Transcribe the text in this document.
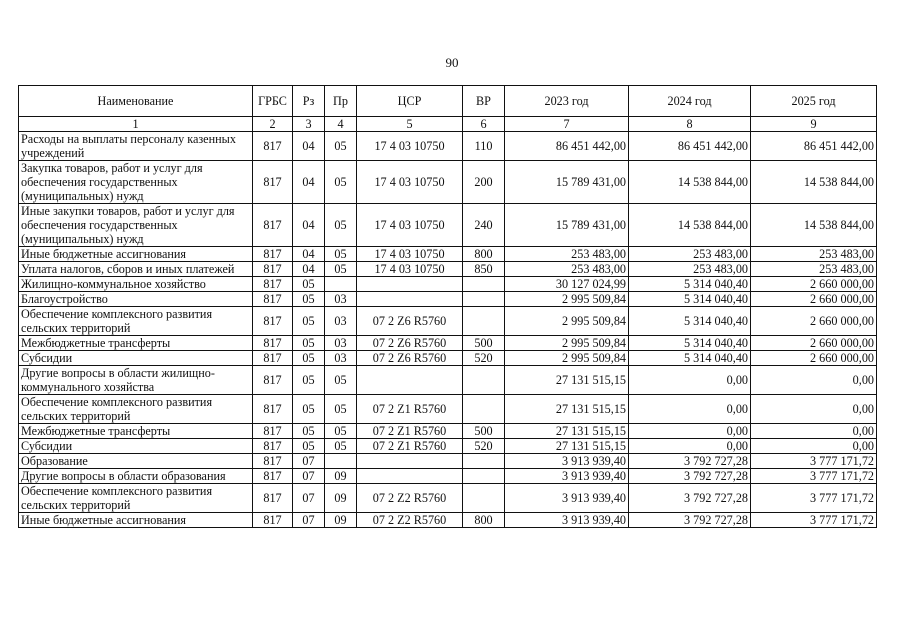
90
Наименование	ГРБС	Рз	Пр	ЦСР	ВР	2023 год	2024 год	2025 год
1	2	3	4	5	6	7	8	9
Расходы на выплаты персоналу казенных учреждений	817	04	05	17 4 03 10750	110	86 451 442,00	86 451 442,00	86 451 442,00
Закупка товаров, работ и услуг для обеспечения государственных (муниципальных) нужд	817	04	05	17 4 03 10750	200	15 789 431,00	14 538 844,00	14 538 844,00
Иные закупки товаров, работ и услуг для обеспечения государственных (муниципальных) нужд	817	04	05	17 4 03 10750	240	15 789 431,00	14 538 844,00	14 538 844,00
Иные бюджетные ассигнования	817	04	05	17 4 03 10750	800	253 483,00	253 483,00	253 483,00
Уплата налогов, сборов и иных платежей	817	04	05	17 4 03 10750	850	253 483,00	253 483,00	253 483,00
Жилищно-коммунальное хозяйство	817	05				30 127 024,99	5 314 040,40	2 660 000,00
Благоустройство	817	05	03			2 995 509,84	5 314 040,40	2 660 000,00
Обеспечение комплексного развития сельских территорий	817	05	03	07 2 Z6 R5760		2 995 509,84	5 314 040,40	2 660 000,00
Межбюджетные трансферты	817	05	03	07 2 Z6 R5760	500	2 995 509,84	5 314 040,40	2 660 000,00
Субсидии	817	05	03	07 2 Z6 R5760	520	2 995 509,84	5 314 040,40	2 660 000,00
Другие вопросы в области жилищно-коммунального хозяйства	817	05	05			27 131 515,15	0,00	0,00
Обеспечение комплексного развития сельских территорий	817	05	05	07 2 Z1 R5760		27 131 515,15	0,00	0,00
Межбюджетные трансферты	817	05	05	07 2 Z1 R5760	500	27 131 515,15	0,00	0,00
Субсидии	817	05	05	07 2 Z1 R5760	520	27 131 515,15	0,00	0,00
Образование	817	07				3 913 939,40	3 792 727,28	3 777 171,72
Другие вопросы в области образования	817	07	09			3 913 939,40	3 792 727,28	3 777 171,72
Обеспечение комплексного развития сельских территорий	817	07	09	07 2 Z2 R5760		3 913 939,40	3 792 727,28	3 777 171,72
Иные бюджетные ассигнования	817	07	09	07 2 Z2 R5760	800	3 913 939,40	3 792 727,28	3 777 171,72
